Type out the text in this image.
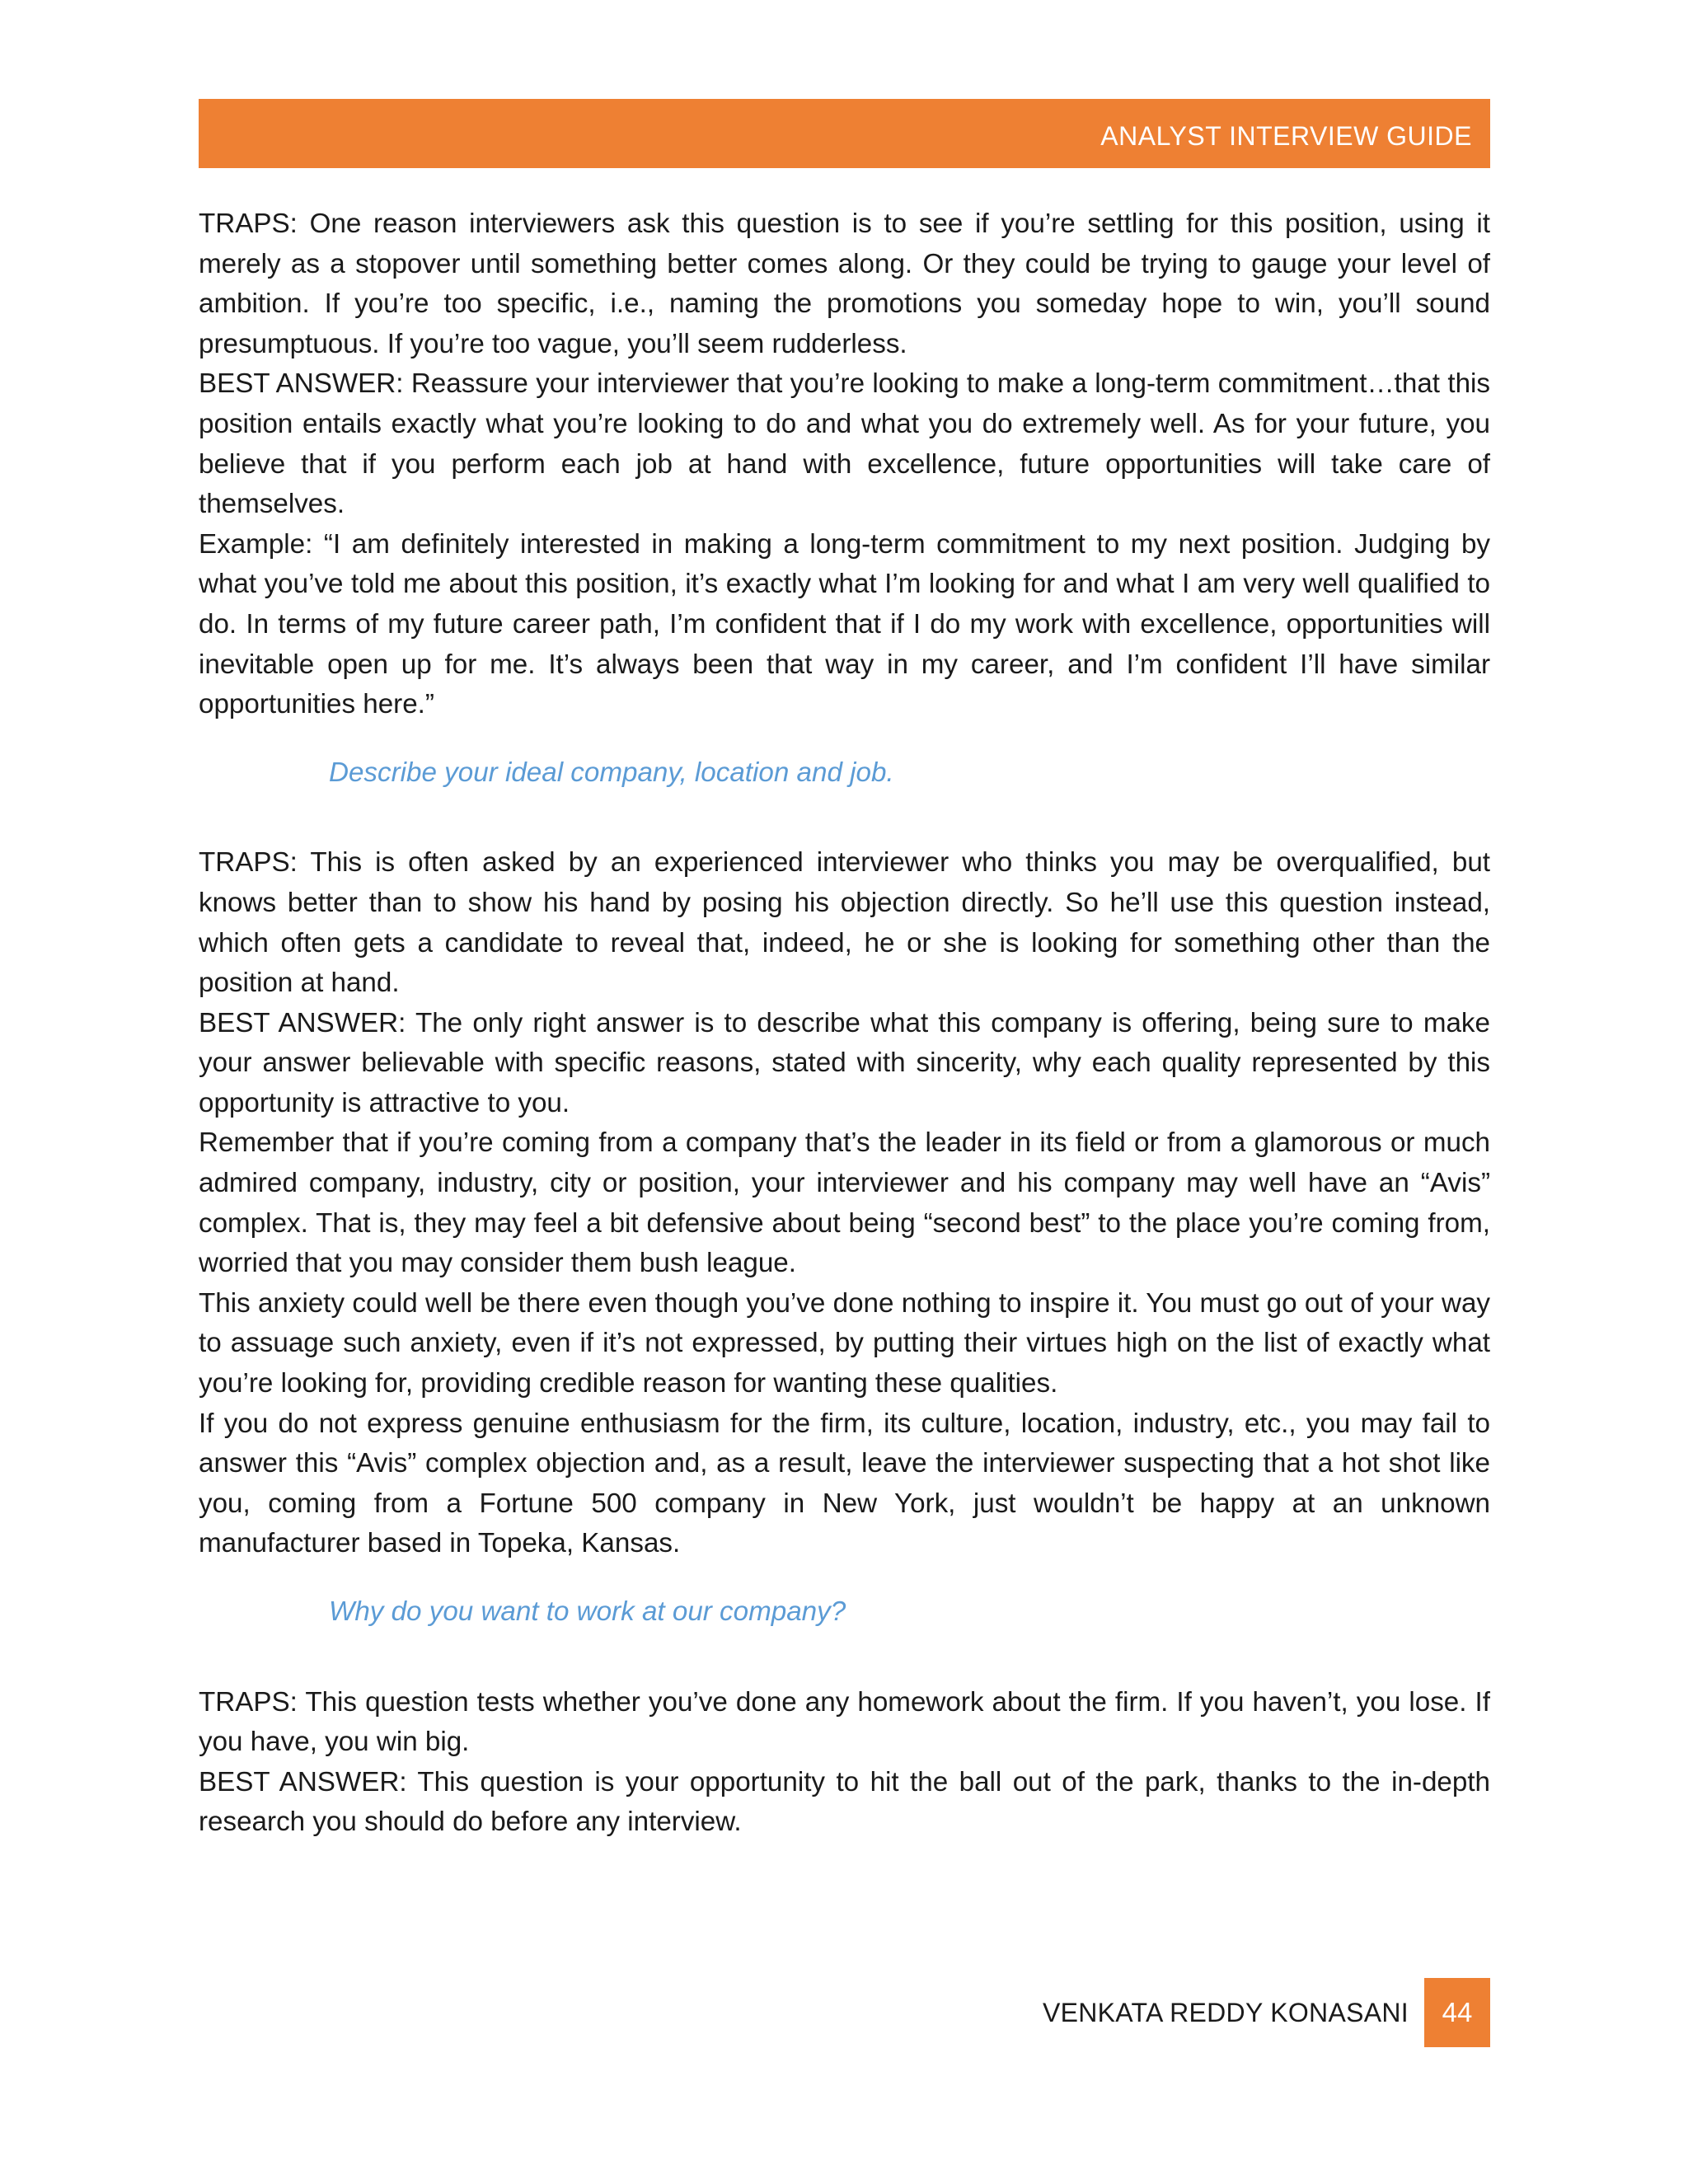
ANALYST INTERVIEW GUIDE

TRAPS: One reason interviewers ask this question is to see if you’re settling for this position, using it merely as a stopover until something better comes along. Or they could be trying to gauge your level of ambition. If you’re too specific, i.e., naming the promotions you someday hope to win, you’ll sound presumptuous. If you’re too vague, you’ll seem rudderless.

BEST ANSWER: Reassure your interviewer that you’re looking to make a long-term commitment…that this position entails exactly what you’re looking to do and what you do extremely well. As for your future, you believe that if you perform each job at hand with excellence, future opportunities will take care of themselves.

Example: “I am definitely interested in making a long-term commitment to my next position. Judging by what you’ve told me about this position, it’s exactly what I’m looking for and what I am very well qualified to do. In terms of my future career path, I’m confident that if I do my work with excellence, opportunities will inevitable open up for me. It’s always been that way in my career, and I’m confident I’ll have similar opportunities here.”

Describe your ideal company, location and job.

TRAPS: This is often asked by an experienced interviewer who thinks you may be overqualified, but knows better than to show his hand by posing his objection directly. So he’ll use this question instead, which often gets a candidate to reveal that, indeed, he or she is looking for something other than the position at hand.

BEST ANSWER: The only right answer is to describe what this company is offering, being sure to make your answer believable with specific reasons, stated with sincerity, why each quality represented by this opportunity is attractive to you.

Remember that if you’re coming from a company that’s the leader in its field or from a glamorous or much admired company, industry, city or position, your interviewer and his company may well have an “Avis” complex. That is, they may feel a bit defensive about being “second best” to the place you’re coming from, worried that you may consider them bush league.

This anxiety could well be there even though you’ve done nothing to inspire it. You must go out of your way to assuage such anxiety, even if it’s not expressed, by putting their virtues high on the list of exactly what you’re looking for, providing credible reason for wanting these qualities.

If you do not express genuine enthusiasm for the firm, its culture, location, industry, etc., you may fail to answer this “Avis” complex objection and, as a result, leave the interviewer suspecting that a hot shot like you, coming from a Fortune 500 company in New York, just wouldn’t be happy at an unknown manufacturer based in Topeka, Kansas.

Why do you want to work at our company?

TRAPS: This question tests whether you’ve done any homework about the firm. If you haven’t, you lose. If you have, you win big.

BEST ANSWER: This question is your opportunity to hit the ball out of the park, thanks to the in-depth research you should do before any interview.

VENKATA REDDY KONASANI 44
